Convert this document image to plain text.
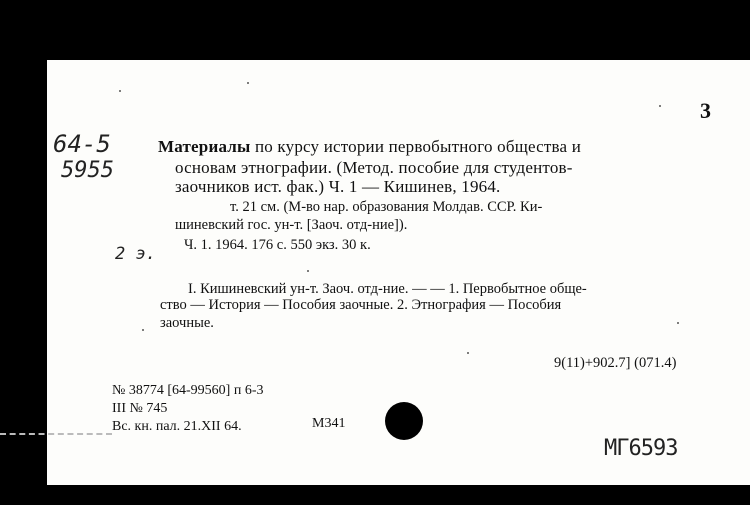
3
64-5
5955
Материалы по курсу истории первобытного общества и
основам этнографии. (Метод. пособие для студентов-
заочников ист. фак.) Ч. 1 — Кишинев, 1964.
т. 21 см. (М-во нар. образования Молдав. ССР. Ки-
шиневский гос. ун-т. [Заоч. отд-ние]).
2 э. Ч. 1. 1964. 176 с. 550 экз. 30 к.
I. Кишиневский ун-т. Заоч. отд-ние. — — 1. Первобытное обще-
ство — История — Пособия заочные. 2. Этнография — Пособия
заочные.
9(11)+902.7] (071.4)
№ 38774 [64-99560] п 6-3
III № 745
Вс. кн. пал. 21.XII 64.	M341
МГ6593
